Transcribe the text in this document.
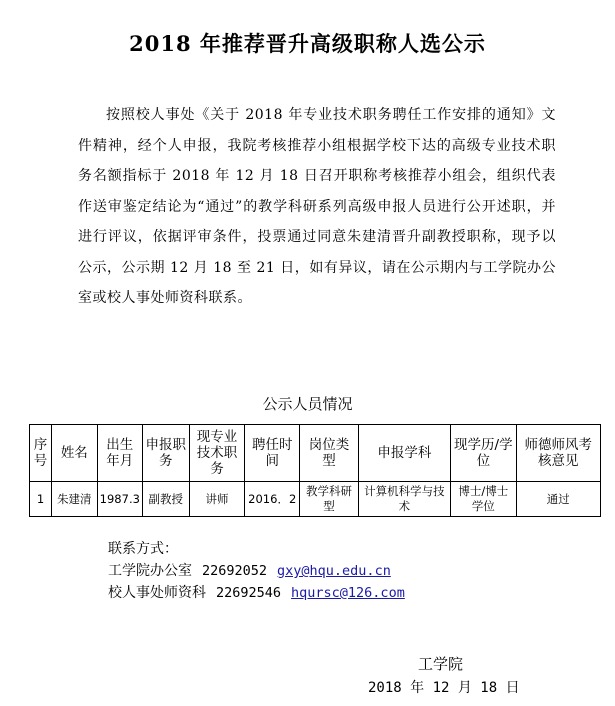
2018 年推荐晋升高级职称人选公示

按照校人事处《关于 2018 年专业技术职务聘任工作安排的通知》文件精神，经个人申报，我院考核推荐小组根据学校下达的高级专业技术职务名额指标于 2018 年 12 月 18 日召开职称考核推荐小组会，组织代表作送审鉴定结论为“通过”的教学科研系列高级申报人员进行公开述职，并进行评议，依据评审条件，投票通过同意朱建清晋升副教授职称，现予以公示，公示期 12 月 18 至 21 日，如有异议，请在公示期内与工学院办公室或校人事处师资科联系。

公示人员情况
序号	姓名	出生年月	申报职务	现专业技术职务	聘任时间	岗位类型	申报学科	现学历/学位	师德师风考核意见
1	朱建清	1987.3	副教授	讲师	2016．2	教学科研型	计算机科学与技术	博士/博士学位	通过
联系方式：
工学院办公室 22692052 gxy@hqu.edu.cn
校人事处师资科 22692546 hqursc@126.com
工学院
2018 年 12 月 18 日
